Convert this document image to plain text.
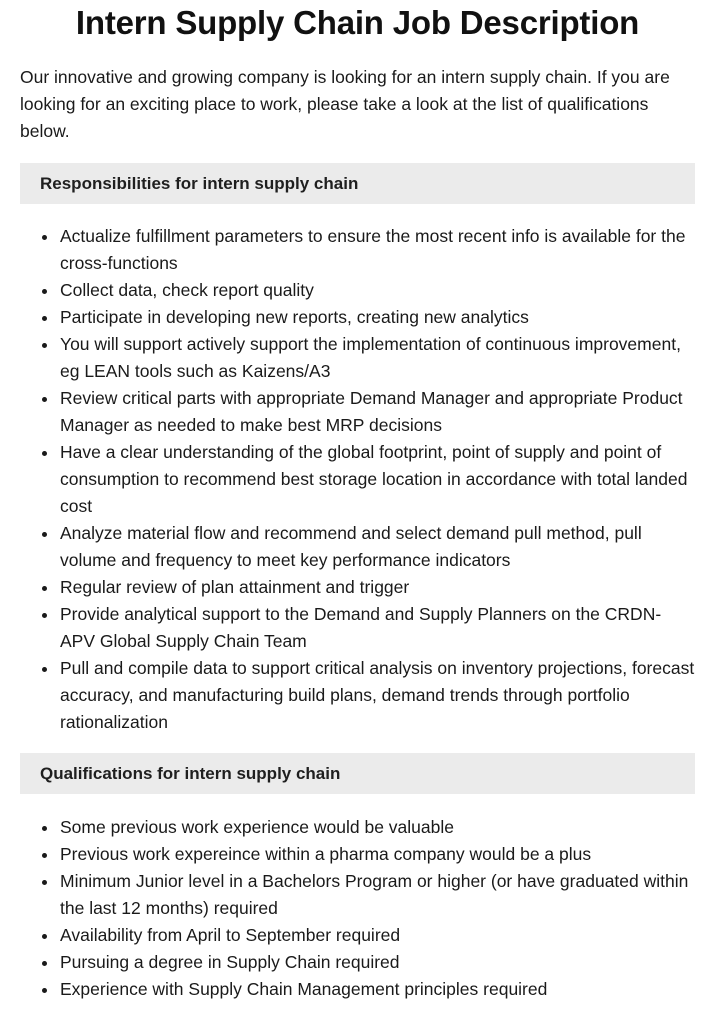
Intern Supply Chain Job Description

Our innovative and growing company is looking for an intern supply chain. If you are looking for an exciting place to work, please take a look at the list of qualifications below.

Responsibilities for intern supply chain
Actualize fulfillment parameters to ensure the most recent info is available for the cross-functions
Collect data, check report quality
Participate in developing new reports, creating new analytics
You will support actively support the implementation of continuous improvement, eg LEAN tools such as Kaizens/A3
Review critical parts with appropriate Demand Manager and appropriate Product Manager as needed to make best MRP decisions
Have a clear understanding of the global footprint, point of supply and point of consumption to recommend best storage location in accordance with total landed cost
Analyze material flow and recommend and select demand pull method, pull volume and frequency to meet key performance indicators
Regular review of plan attainment and trigger
Provide analytical support to the Demand and Supply Planners on the CRDN-APV Global Supply Chain Team
Pull and compile data to support critical analysis on inventory projections, forecast accuracy, and manufacturing build plans, demand trends through portfolio rationalization
Qualifications for intern supply chain
Some previous work experience would be valuable
Previous work expereince within a pharma company would be a plus
Minimum Junior level in a Bachelors Program or higher (or have graduated within the last 12 months) required
Availability from April to September required
Pursuing a degree in Supply Chain required
Experience with Supply Chain Management principles required
